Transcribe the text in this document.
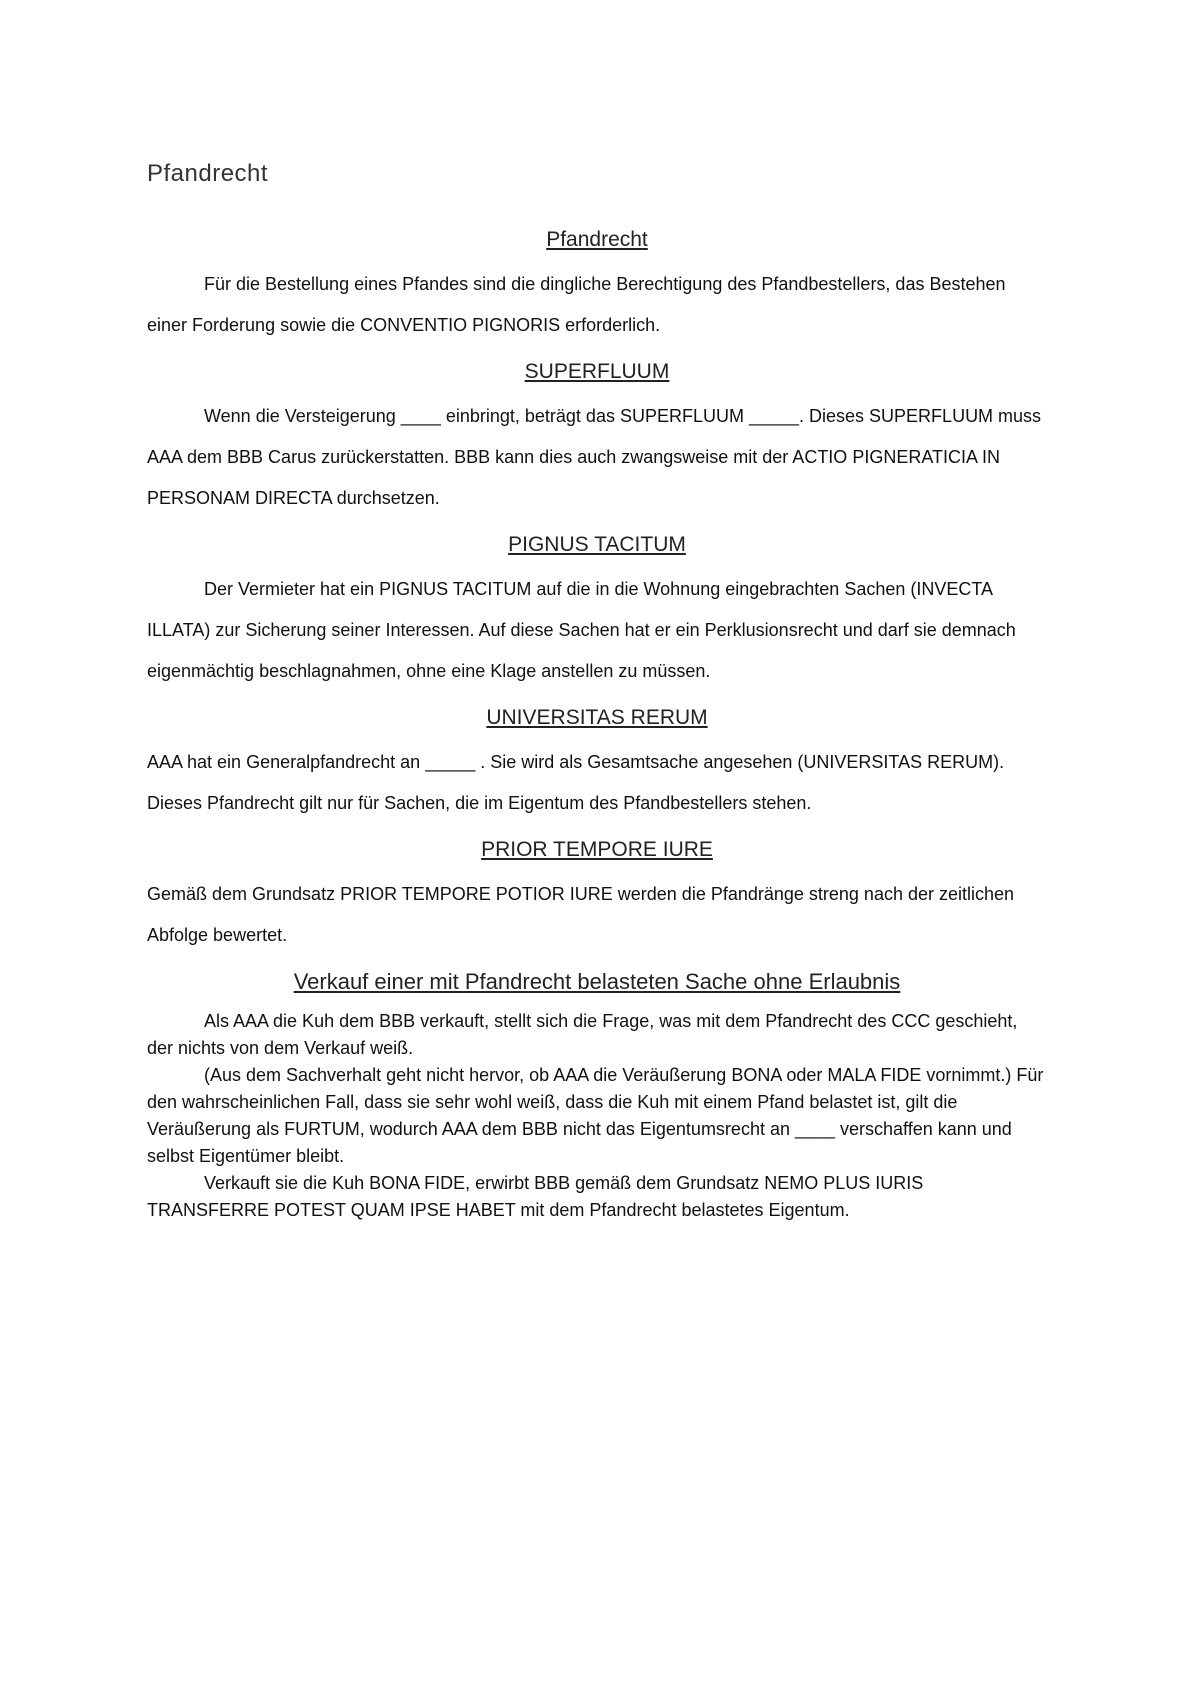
Pfandrecht
Pfandrecht

Für die Bestellung eines Pfandes sind die dingliche Berechtigung des Pfandbestellers, das Bestehen einer Forderung sowie die CONVENTIO PIGNORIS erforderlich.

SUPERFLUUM

Wenn die Versteigerung ____ einbringt, beträgt das SUPERFLUUM _____. Dieses SUPERFLUUM muss AAA dem BBB Carus zurückerstatten. BBB kann dies auch zwangsweise mit der ACTIO PIGNERATICIA IN PERSONAM DIRECTA durchsetzen.

PIGNUS TACITUM

Der Vermieter hat ein PIGNUS TACITUM auf die in die Wohnung eingebrachten Sachen (INVECTA ILLATA) zur Sicherung seiner Interessen. Auf diese Sachen hat er ein Perklusionsrecht und darf sie demnach eigenmächtig beschlagnahmen, ohne eine Klage anstellen zu müssen.

UNIVERSITAS RERUM

AAA hat ein Generalpfandrecht an _____ . Sie wird als Gesamtsache angesehen (UNIVERSITAS RERUM). Dieses Pfandrecht gilt nur für Sachen, die im Eigentum des Pfandbestellers stehen.

PRIOR TEMPORE IURE

Gemäß dem Grundsatz PRIOR TEMPORE POTIOR IURE werden die Pfandränge streng nach der zeitlichen Abfolge bewertet.

Verkauf einer mit Pfandrecht belasteten Sache ohne Erlaubnis

Als AAA die Kuh dem BBB verkauft, stellt sich die Frage, was mit dem Pfandrecht des CCC geschieht, der nichts von dem Verkauf weiß.

(Aus dem Sachverhalt geht nicht hervor, ob AAA die Veräußerung BONA oder MALA FIDE vornimmt.) Für den wahrscheinlichen Fall, dass sie sehr wohl weiß, dass die Kuh mit einem Pfand belastet ist, gilt die Veräußerung als FURTUM, wodurch AAA dem BBB nicht das Eigentumsrecht an ____ verschaffen kann und selbst Eigentümer bleibt.

Verkauft sie die Kuh BONA FIDE, erwirbt BBB gemäß dem Grundsatz NEMO PLUS IURIS TRANSFERRE POTEST QUAM IPSE HABET mit dem Pfandrecht belastetes Eigentum.
